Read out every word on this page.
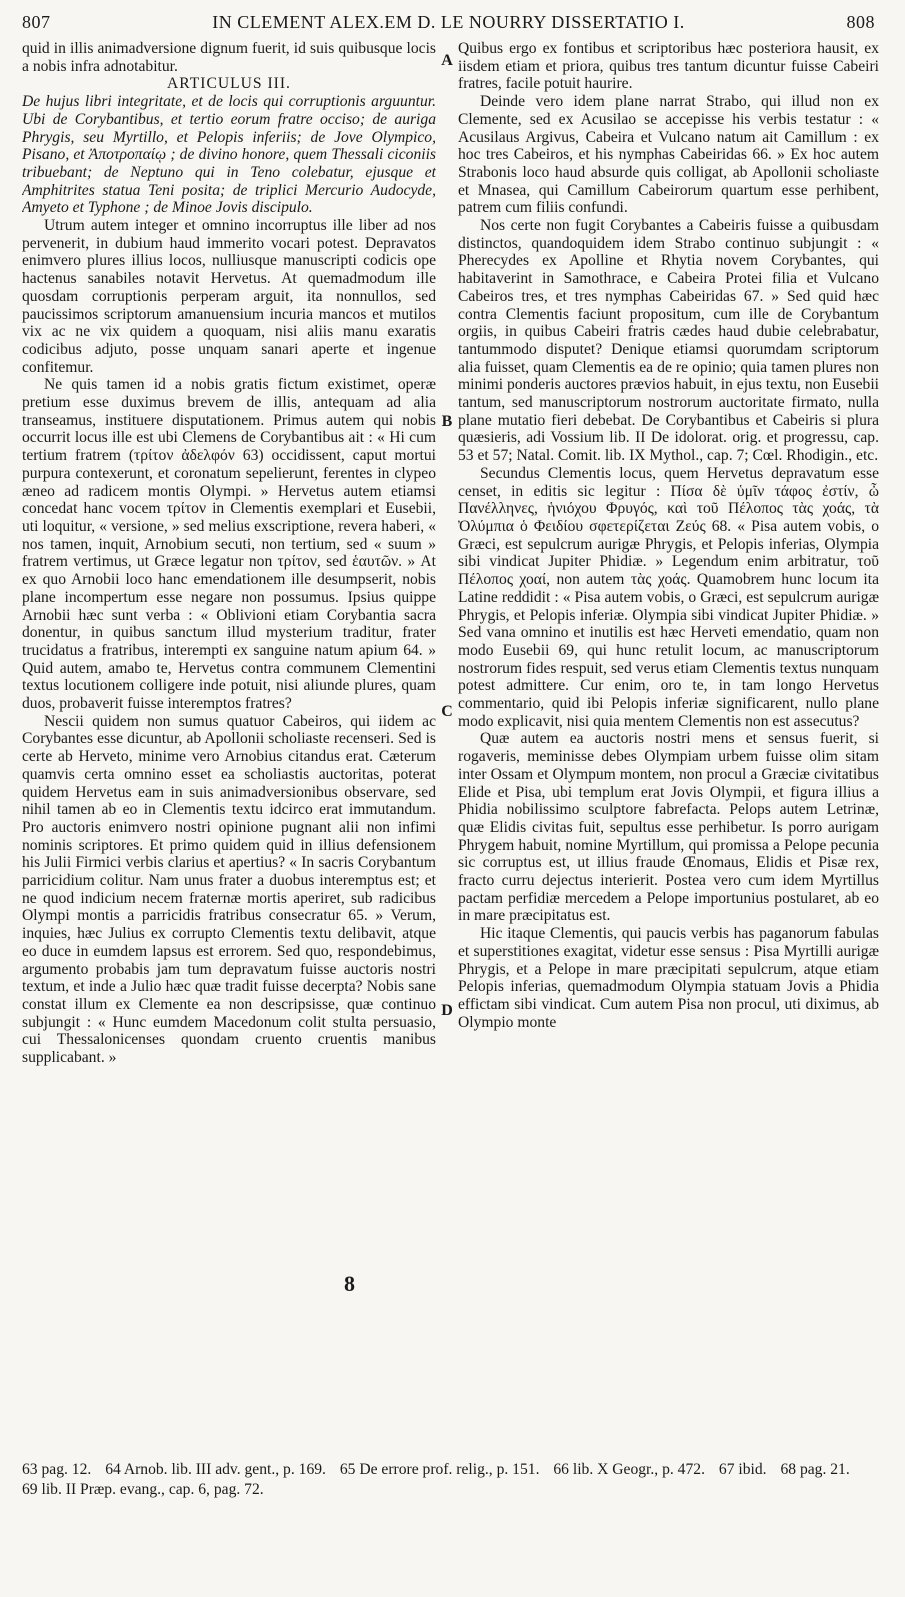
807	IN CLEMENT ALEX.EM D. LE NOURRY DISSERTATIO I.	808

quid in illis animadversione dignum fuerit, id suis quibusque locis a nobis infra adnotabitur.

ARTICULUS III.

De hujus libri integritate, et de locis qui corruptionis arguuntur. Ubi de Corybantibus, et tertio eorum fratre occiso; de auriga Phrygis, seu Myrtillo, et Pelopis inferiis; de Jove Olympico, Pisano, et Ἀποτροπαίῳ ; de divino honore, quem Thessali ciconiis tribuebant; de Neptuno qui in Teno colebatur, ejusque et Amphitrites statua Teni posita; de triplici Mercurio Audocyde, Amyeto et Typhone ; de Minoe Jovis discipulo.

Utrum autem integer et omnino incorruptus ille liber ad nos pervenerit, in dubium haud immerito vocari potest. Depravatos enimvero plures illius locos, nulliusque manuscripti codicis ope hactenus sanabiles notavit Hervetus. At quemadmodum ille quosdam corruptionis perperam arguit, ita nonnullos, sed paucissimos scriptorum amanuensium incuria mancos et mutilos vix ac ne vix quidem a quoquam, nisi aliis manu exaratis codicibus adjuto, posse unquam sanari aperte et ingenue confitemur.

Ne quis tamen id a nobis gratis fictum existimet, operæ pretium esse duximus brevem de illis, antequam ad alia transeamus, instituere disputationem. Primus autem qui nobis occurrit locus ille est ubi Clemens de Corybantibus ait : « Hi cum tertium fratrem (τρίτον ἀδελφόν 63) occidissent, caput mortui purpura contexerunt, et coronatum sepelierunt, ferentes in clypeo æneo ad radicem montis Olympi. » Hervetus autem etiamsi concedat hanc vocem τρίτον in Clementis exemplari et Eusebii, uti loquitur, « versione, » sed melius exscriptione, revera haberi, « nos tamen, inquit, Arnobium secuti, non tertium, sed « suum » fratrem vertimus, ut Græce legatur non τρίτον, sed ἑαυτῶν. » At ex quo Arnobii loco hanc emendationem ille desumpserit, nobis plane incompertum esse negare non possumus. Ipsius quippe Arnobii hæc sunt verba : « Oblivioni etiam Corybantia sacra donentur, in quibus sanctum illud mysterium traditur, frater trucidatus a fratribus, interempti ex sanguine natum apium 64. » Quid autem, amabo te, Hervetus contra communem Clementini textus locutionem colligere inde potuit, nisi aliunde plures, quam duos, probaverit fuisse interemptos fratres?

Nescii quidem non sumus quatuor Cabeiros, qui iidem ac Corybantes esse dicuntur, ab Apollonii scholiaste recenseri. Sed is certe ab Herveto, minime vero Arnobius citandus erat. Cæterum quamvis certa omnino esset ea scholiastis auctoritas, poterat quidem Hervetus eam in suis animadversionibus observare, sed nihil tamen ab eo in Clementis textu idcirco erat immutandum. Pro auctoris enimvero nostri opinione pugnant alii non infimi nominis scriptores. Et primo quidem quid in illius defensionem his Julii Firmici verbis clarius et apertius? « In sacris Corybantum parricidium colitur. Nam unus frater a duobus interemptus est; et ne quod indicium necem fraternæ mortis aperiret, sub radicibus Olympi montis a parricidis fratribus consecratur 65. » Verum, inquies, hæc Julius ex corrupto Clementis textu delibavit, atque eo duce in eumdem lapsus est errorem. Sed quo, respondebimus, argumento probabis jam tum depravatum fuisse auctoris nostri textum, et inde a Julio hæc quæ tradit fuisse decerpta? Nobis sane constat illum ex Clemente ea non descripsisse, quæ continuo subjungit : « Hunc eumdem Macedonum colit stulta persuasio, cui Thessalonicenses quondam cruento cruentis manibus supplicabant. »

A
B
C
D

Quibus ergo ex fontibus et scriptoribus hæc posteriora hausit, ex iisdem etiam et priora, quibus tres tantum dicuntur fuisse Cabeiri fratres, facile potuit haurire.

Deinde vero idem plane narrat Strabo, qui illud non ex Clemente, sed ex Acusilao se accepisse his verbis testatur : « Acusilaus Argivus, Cabeira et Vulcano natum ait Camillum : ex hoc tres Cabeiros, et his nymphas Cabeiridas 66. » Ex hoc autem Strabonis loco haud absurde quis colligat, ab Apollonii scholiaste et Mnasea, qui Camillum Cabeirorum quartum esse perhibent, patrem cum filiis confundi.

Nos certe non fugit Corybantes a Cabeiris fuisse a quibusdam distinctos, quandoquidem idem Strabo continuo subjungit : « Pherecydes ex Apolline et Rhytia novem Corybantes, qui habitaverint in Samothrace, e Cabeira Protei filia et Vulcano Cabeiros tres, et tres nymphas Cabeiridas 67. » Sed quid hæc contra Clementis faciunt propositum, cum ille de Corybantum orgiis, in quibus Cabeiri fratris cædes haud dubie celebrabatur, tantummodo disputet? Denique etiamsi quorumdam scriptorum alia fuisset, quam Clementis ea de re opinio; quia tamen plures non minimi ponderis auctores prævios habuit, in ejus textu, non Eusebii tantum, sed manuscriptorum nostrorum auctoritate firmato, nulla plane mutatio fieri debebat. De Corybantibus et Cabeiris si plura quæsieris, adi Vossium lib. II De idolorat. orig. et progressu, cap. 53 et 57; Natal. Comit. lib. IX Mythol., cap. 7; Cœl. Rhodigin., etc.

Secundus Clementis locus, quem Hervetus depravatum esse censet, in editis sic legitur : Πίσα δὲ ὑμῖν τάφος ἐστίν, ὦ Πανέλληνες, ἡνιόχου Φρυγός, καὶ τοῦ Πέλοπος τὰς χοάς, τὰ Ὀλύμπια ὁ Φειδίου σφετερίζεται Ζεύς 68. « Pisa autem vobis, o Græci, est sepulcrum aurigæ Phrygis, et Pelopis inferias, Olympia sibi vindicat Jupiter Phidiæ. » Legendum enim arbitratur, τοῦ Πέλοπος χοαί, non autem τὰς χοάς. Quamobrem hunc locum ita Latine reddidit : « Pisa autem vobis, o Græci, est sepulcrum aurigæ Phrygis, et Pelopis inferiæ. Olympia sibi vindicat Jupiter Phidiæ. » Sed vana omnino et inutilis est hæc Herveti emendatio, quam non modo Eusebii 69, qui hunc retulit locum, ac manuscriptorum nostrorum fides respuit, sed verus etiam Clementis textus nunquam potest admittere. Cur enim, oro te, in tam longo Hervetus commentario, quid ibi Pelopis inferiæ significarent, nullo plane modo explicavit, nisi quia mentem Clementis non est assecutus?

Quæ autem ea auctoris nostri mens et sensus fuerit, si rogaveris, meminisse debes Olympiam urbem fuisse olim sitam inter Ossam et Olympum montem, non procul a Græciæ civitatibus Elide et Pisa, ubi templum erat Jovis Olympii, et figura illius a Phidia nobilissimo sculptore fabrefacta. Pelops autem Letrinæ, quæ Elidis civitas fuit, sepultus esse perhibetur. Is porro aurigam Phrygem habuit, nomine Myrtillum, qui promissa a Pelope pecunia sic corruptus est, ut illius fraude Œnomaus, Elidis et Pisæ rex, fracto curru dejectus interierit. Postea vero cum idem Myrtillus pactam perfidiæ mercedem a Pelope importunius postularet, ab eo in mare præcipitatus est.

Hic itaque Clementis, qui paucis verbis has paganorum fabulas et superstitiones exagitat, videtur esse sensus : Pisa Myrtilli aurigæ Phrygis, et a Pelope in mare præcipitati sepulcrum, atque etiam Pelopis inferias, quemadmodum Olympia statuam Jovis a Phidia effictam sibi vindicat. Cum autem Pisa non procul, uti diximus, ab Olympio monte

8
63 pag. 12. 64 Arnob. lib. III adv. gent., p. 169. 65 De errore prof. relig., p. 151. 66 lib. X Geogr., p. 472. 67 ibid. 68 pag. 21. 69 lib. II Præp. evang., cap. 6, pag. 72.
